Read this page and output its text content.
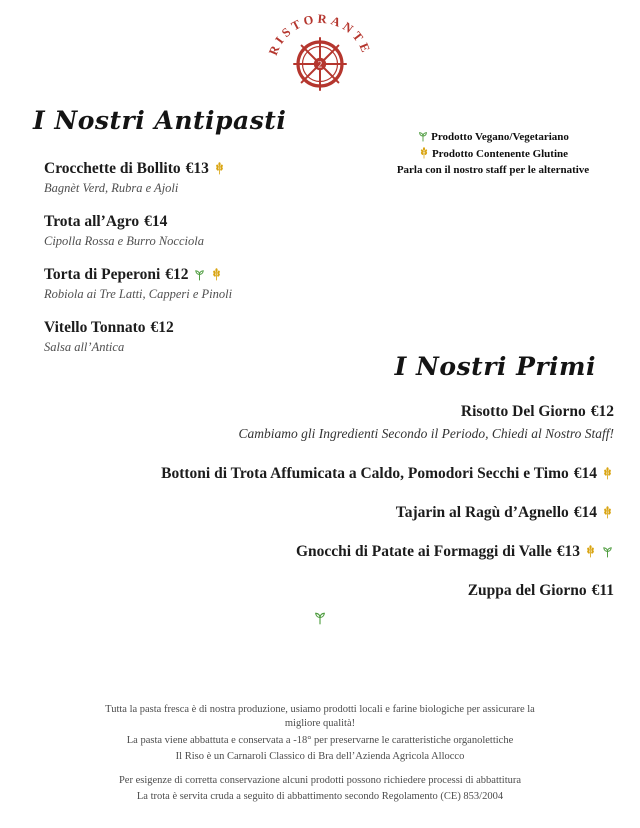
RISTORANTE
2
I Nostri Antipasti
Prodotto Vegano/Vegetariano
Prodotto Contenente Glutine
Parla con il nostro staff per le alternative
Crocchette di Bollito €13
Bagnèt Verd, Rubra e Ajoli
Trota all’Agro €14
Cipolla Rossa e Burro Nocciola
Torta di Peperoni €12
Robiola ai Tre Latti, Capperi e Pinoli
Vitello Tonnato €12
Salsa all’Antica
I Nostri Primi
Risotto Del Giorno €12
Cambiamo gli Ingredienti Secondo il Periodo, Chiedi al Nostro Staff!
Bottoni di Trota Affumicata a Caldo, Pomodori Secchi e Timo €14
Tajarin al Ragù d’Agnello €14
Gnocchi di Patate ai Formaggi di Valle €13
Zuppa del Giorno €11

Tutta la pasta fresca è di nostra produzione, usiamo prodotti locali e farine biologiche per assicurare la migliore qualità!

La pasta viene abbattuta e conservata a -18° per preservarne le caratteristiche organolettiche

Il Riso è un Carnaroli Classico di Bra dell’Azienda Agricola Allocco

Per esigenze di corretta conservazione alcuni prodotti possono richiedere processi di abbattitura

La trota è servita cruda a seguito di abbattimento secondo Regolamento (CE) 853/2004
